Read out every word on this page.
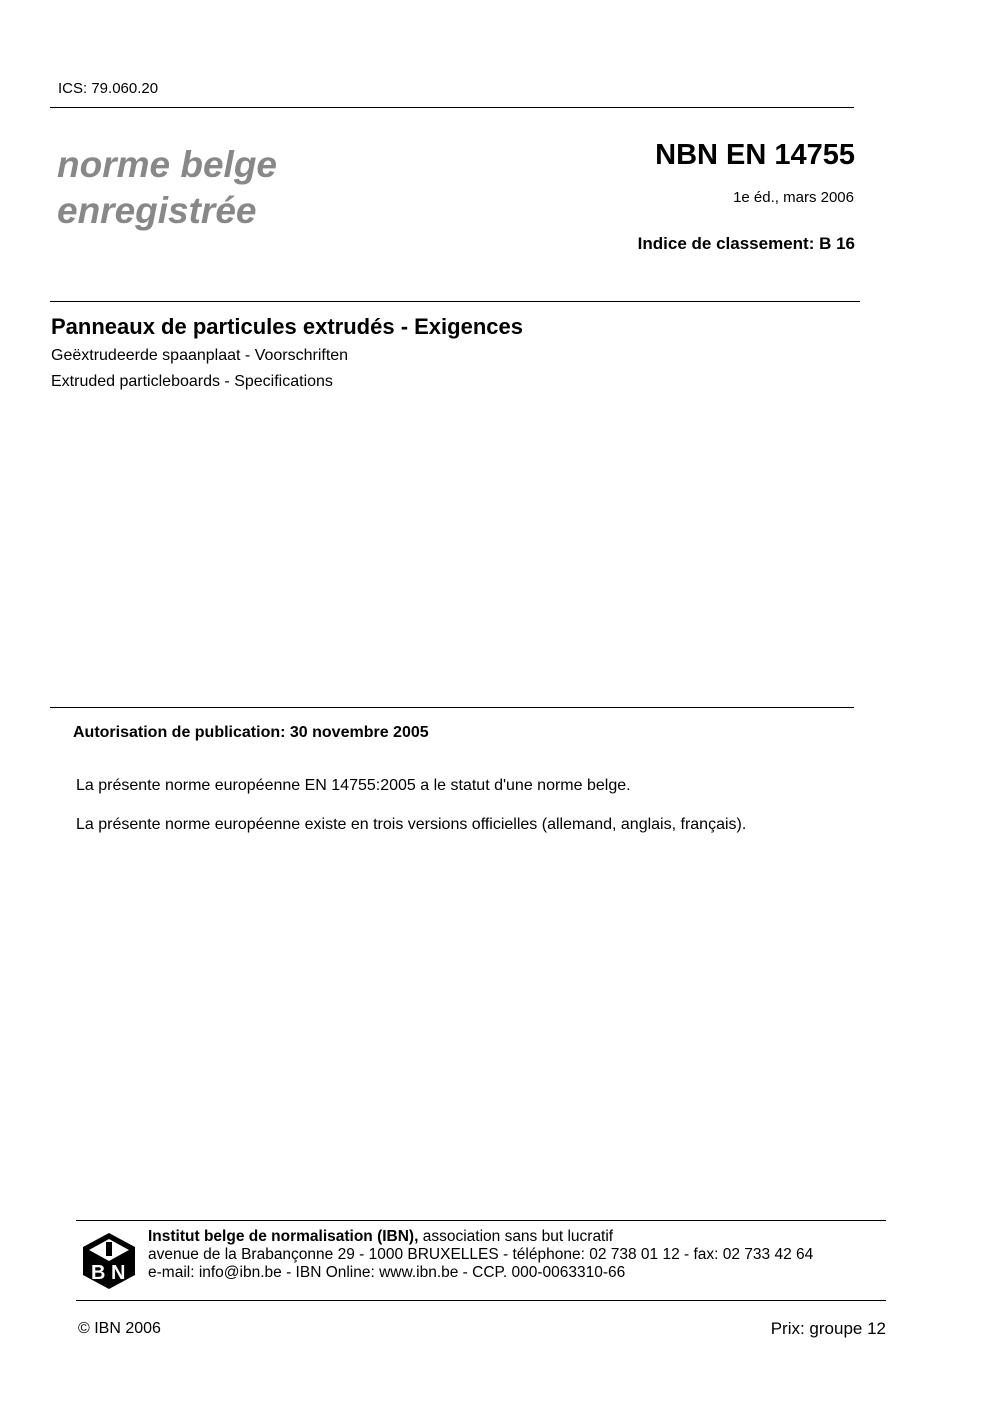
ICS: 79.060.20
norme belge
enregistrée
NBN EN 14755
1e éd., mars 2006
Indice de classement: B 16
Panneaux de particules extrudés - Exigences
Geëxtrudeerde spaanplaat - Voorschriften
Extruded particleboards - Specifications
Autorisation de publication: 30 novembre 2005
La présente norme européenne EN 14755:2005 a le statut d'une norme belge.
La présente norme européenne existe en trois versions officielles (allemand, anglais, français).
B N
Institut belge de normalisation (IBN), association sans but lucratif
avenue de la Brabançonne 29 - 1000 BRUXELLES - téléphone: 02 738 01 12 - fax: 02 733 42 64
e-mail: info@ibn.be - IBN Online: www.ibn.be - CCP. 000-0063310-66
© IBN 2006	Prix: groupe 12
